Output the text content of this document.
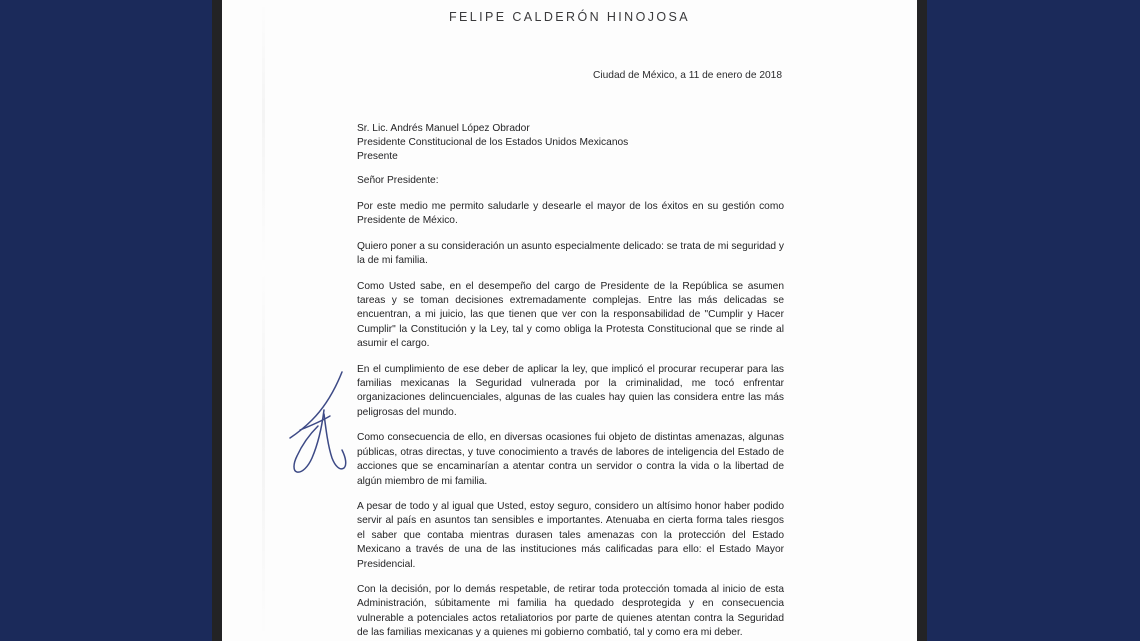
FELIPE CALDERÓN HINOJOSA
Ciudad de México, a 11 de enero de 2018
Sr. Lic. Andrés Manuel López Obrador
Presidente Constitucional de los Estados Unidos Mexicanos
Presente
Señor Presidente:

Por este medio me permito saludarle y desearle el mayor de los éxitos en su gestión como Presidente de México.

Quiero poner a su consideración un asunto especialmente delicado: se trata de mi seguridad y la de mi familia.

Como Usted sabe, en el desempeño del cargo de Presidente de la República se asumen tareas y se toman decisiones extremadamente complejas. Entre las más delicadas se encuentran, a mi juicio, las que tienen que ver con la responsabilidad de "Cumplir y Hacer Cumplir" la Constitución y la Ley, tal y como obliga la Protesta Constitucional que se rinde al asumir el cargo.

En el cumplimiento de ese deber de aplicar la ley, que implicó el procurar recuperar para las familias mexicanas la Seguridad vulnerada por la criminalidad, me tocó enfrentar organizaciones delincuenciales, algunas de las cuales hay quien las considera entre las más peligrosas del mundo.

Como consecuencia de ello, en diversas ocasiones fui objeto de distintas amenazas, algunas públicas, otras directas, y tuve conocimiento a través de labores de inteligencia del Estado de acciones que se encaminarían a atentar contra un servidor o contra la vida o la libertad de algún miembro de mi familia.

A pesar de todo y al igual que Usted, estoy seguro, considero un altísimo honor haber podido servir al país en asuntos tan sensibles e importantes. Atenuaba en cierta forma tales riesgos el saber que contaba mientras durasen tales amenazas con la protección del Estado Mexicano a través de una de las instituciones más calificadas para ello: el Estado Mayor Presidencial.

Con la decisión, por lo demás respetable, de retirar toda protección tomada al inicio de esta Administración, súbitamente mi familia ha quedado desprotegida y en consecuencia vulnerable a potenciales actos retaliatorios por parte de quienes atentan contra la Seguridad de las familias mexicanas y a quienes mi gobierno combatió, tal y como era mi deber.
